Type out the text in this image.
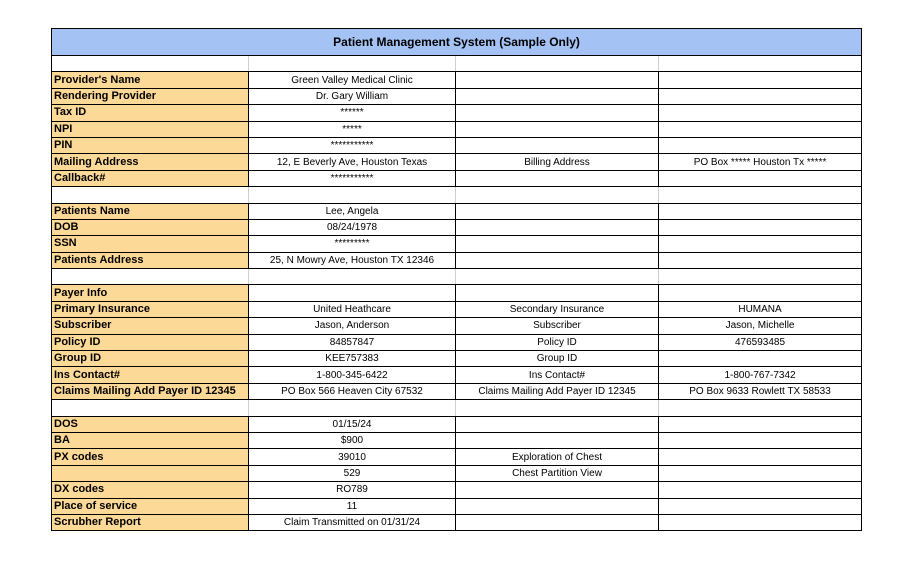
Patient Management System (Sample Only)			

Provider's Name	Green Valley Medical Clinic		
Rendering Provider	Dr. Gary William		
Tax ID	******		
NPI	*****		
PIN	***********		
Mailing Address	12, E Beverly Ave, Houston Texas	Billing Address	PO Box ***** Houston Tx *****
Callback#	***********		

Patients Name	Lee, Angela		
DOB	08/24/1978		
SSN	*********		
Patients Address	25, N Mowry Ave, Houston TX 12346		

Payer Info			
Primary Insurance	United Heathcare	Secondary Insurance	HUMANA
Subscriber	Jason, Anderson	Subscriber	Jason, Michelle
Policy ID	84857847	Policy ID	476593485
Group ID	KEE757383	Group ID	
Ins Contact#	1-800-345-6422	Ins Contact#	1-800-767-7342
Claims Mailing Add Payer ID 12345	PO Box 566 Heaven City 67532	Claims Mailing Add Payer ID 12345	PO Box 9633 Rowlett TX 58533

DOS	01/15/24		
BA	$900		
PX codes	39010	Exploration of Chest	
	529	Chest Partition View	
DX codes	RO789		
Place of service	11		
Scrubher Report	Claim Transmitted on 01/31/24		
